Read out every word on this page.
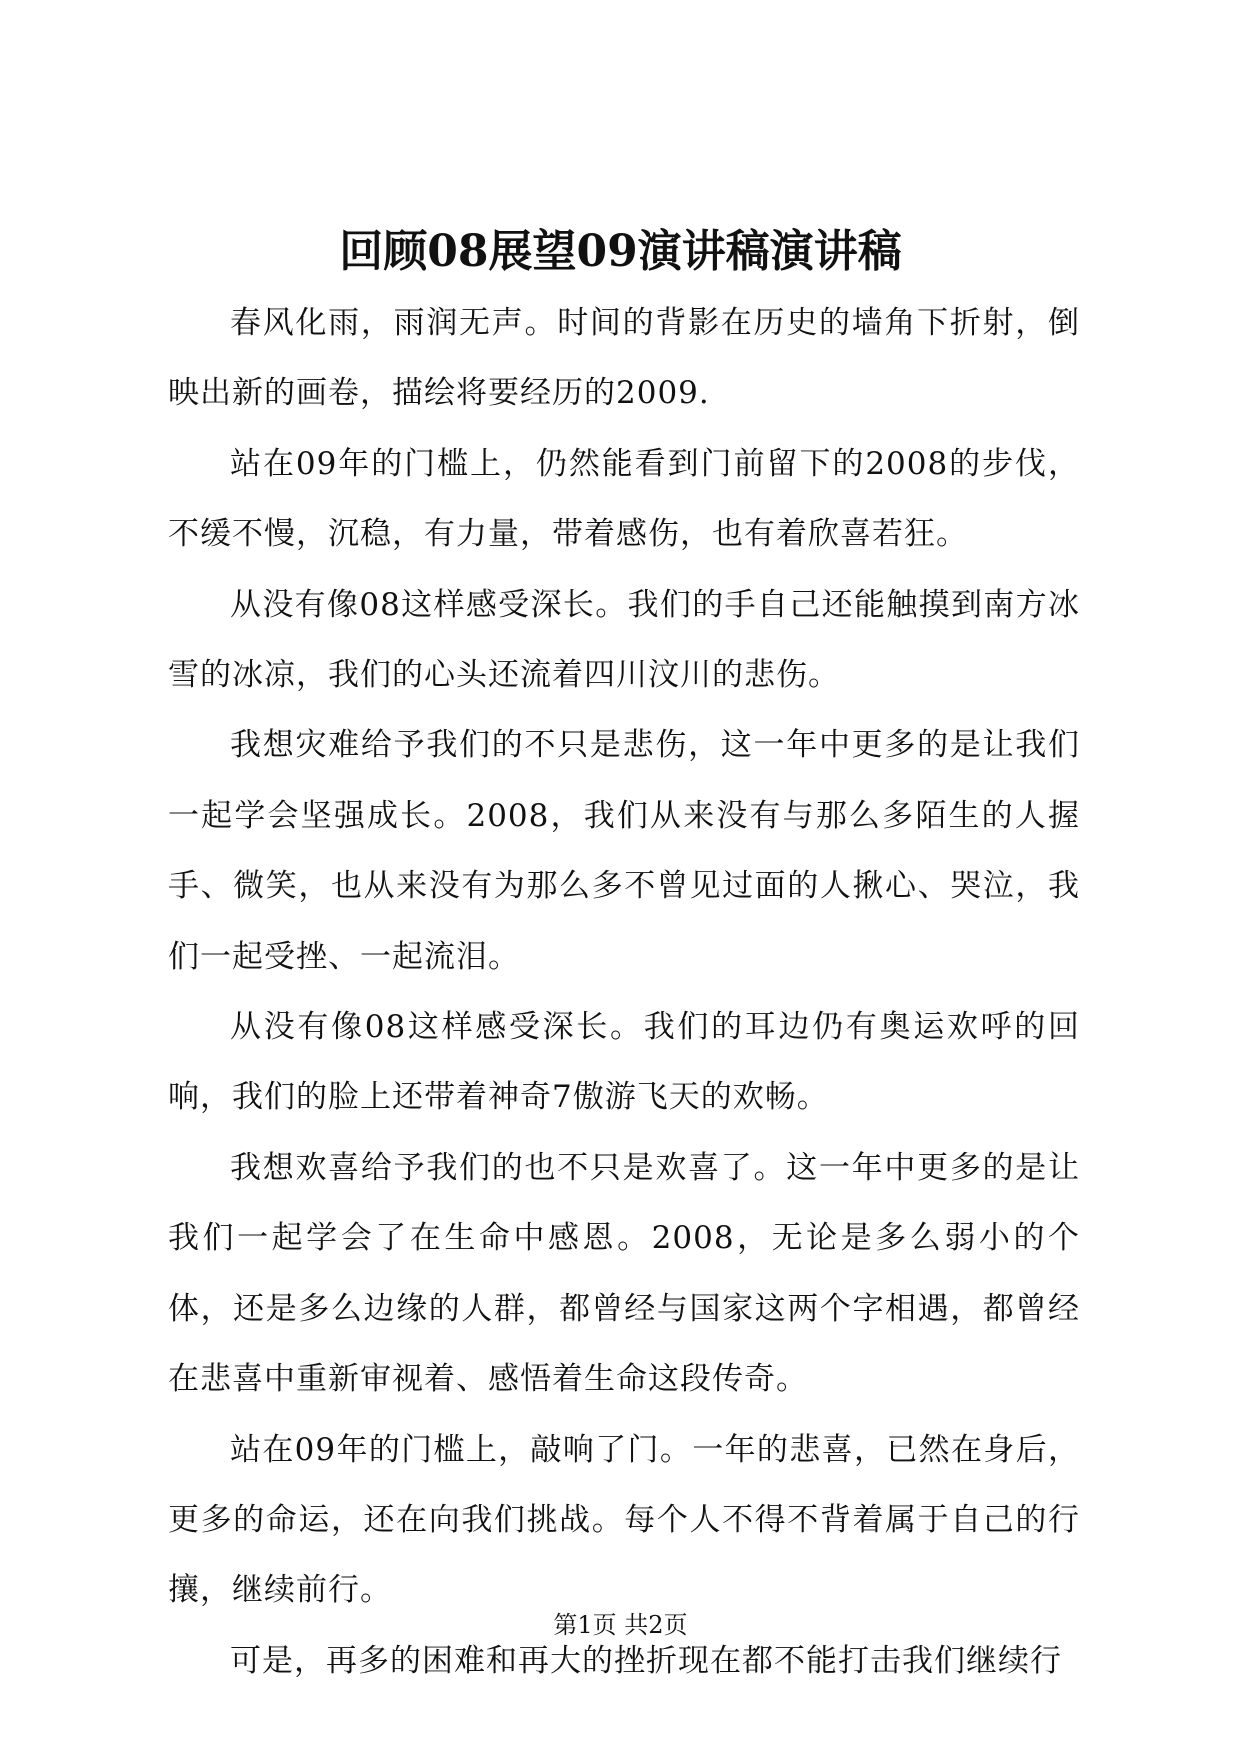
回顾08展望09演讲稿演讲稿

春风化雨，雨润无声。时间的背影在历史的墙角下折射，倒映出新的画卷，描绘将要经历的2009.

站在09年的门槛上，仍然能看到门前留下的2008的步伐，不缓不慢，沉稳，有力量，带着感伤，也有着欣喜若狂。

从没有像08这样感受深长。我们的手自己还能触摸到南方冰雪的冰凉，我们的心头还流着四川汶川的悲伤。

我想灾难给予我们的不只是悲伤，这一年中更多的是让我们一起学会坚强成长。2008，我们从来没有与那么多陌生的人握手、微笑，也从来没有为那么多不曾见过面的人揪心、哭泣，我们一起受挫、一起流泪。

从没有像08这样感受深长。我们的耳边仍有奥运欢呼的回响，我们的脸上还带着神奇7傲游飞天的欢畅。

我想欢喜给予我们的也不只是欢喜了。这一年中更多的是让我们一起学会了在生命中感恩。2008，无论是多么弱小的个体，还是多么边缘的人群，都曾经与国家这两个字相遇，都曾经在悲喜中重新审视着、感悟着生命这段传奇。

站在09年的门槛上，敲响了门。一年的悲喜，已然在身后，更多的命运，还在向我们挑战。每个人不得不背着属于自己的行攘，继续前行。

可是，再多的困难和再大的挫折现在都不能打击我们继续行

第1页 共2页
